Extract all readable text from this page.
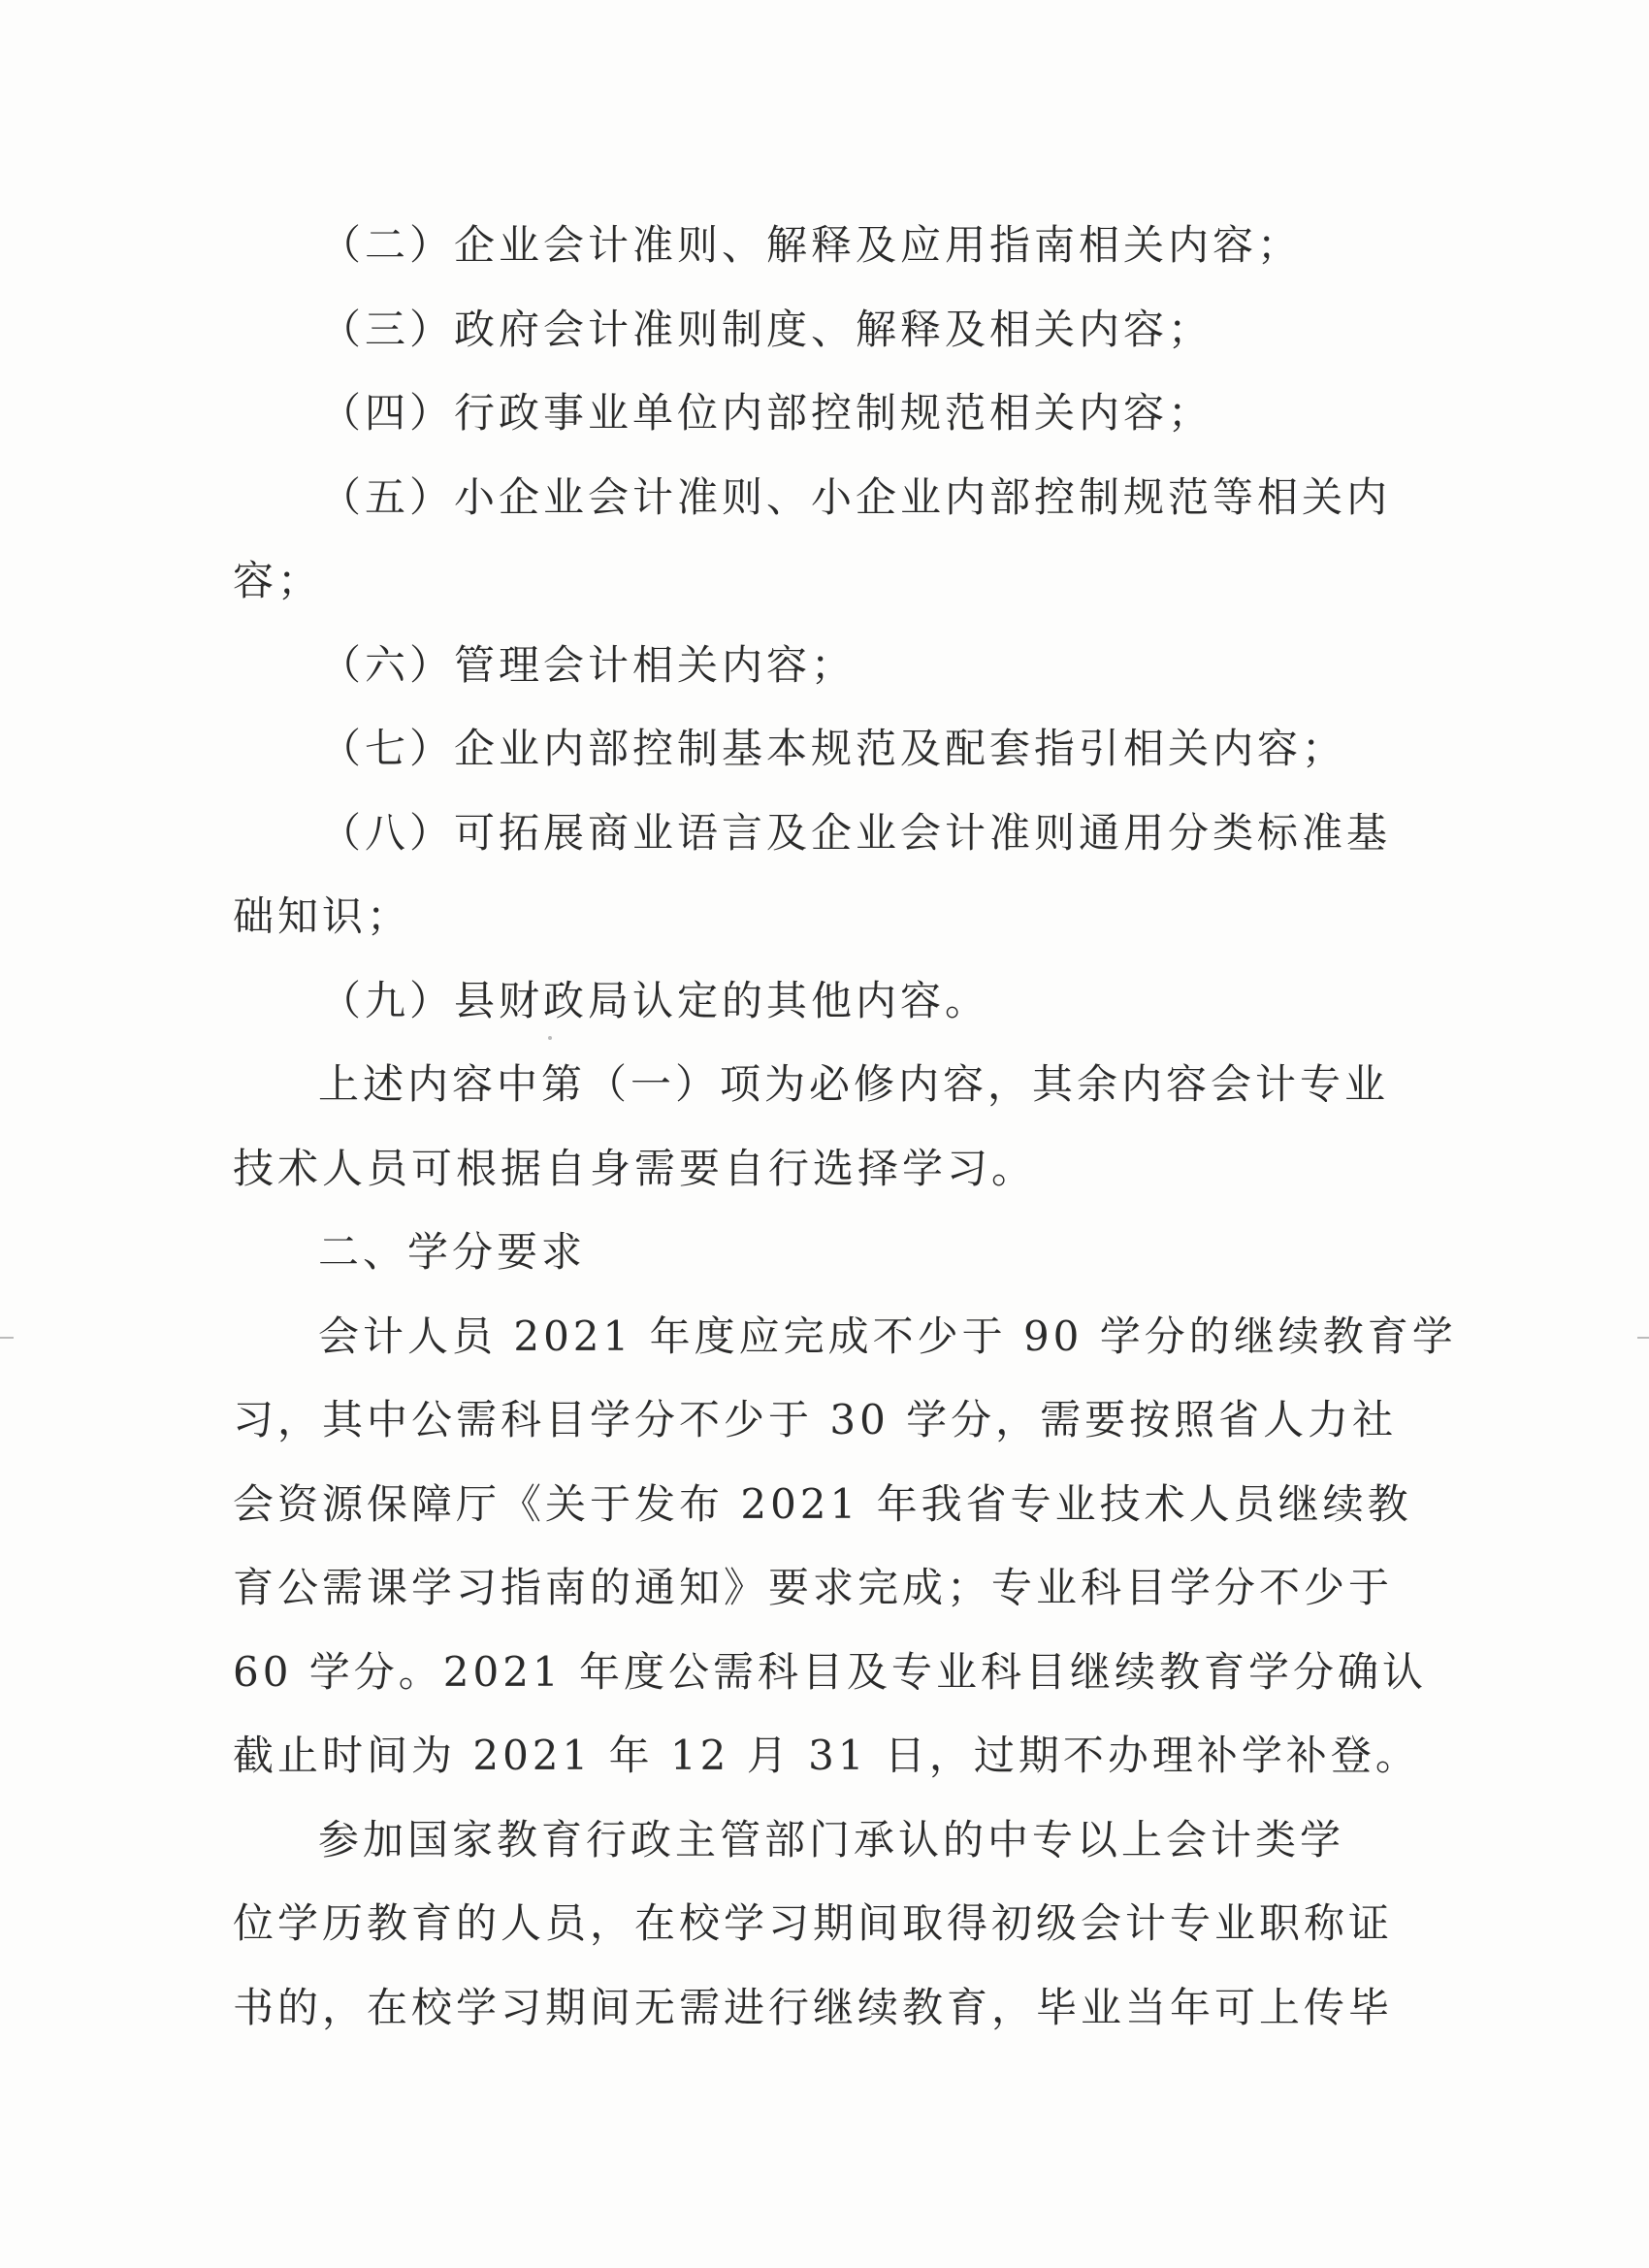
（二）企业会计准则、解释及应用指南相关内容；
（三）政府会计准则制度、解释及相关内容；
（四）行政事业单位内部控制规范相关内容；
（五）小企业会计准则、小企业内部控制规范等相关内
容；
（六）管理会计相关内容；
（七）企业内部控制基本规范及配套指引相关内容；
（八）可拓展商业语言及企业会计准则通用分类标准基
础知识；
（九）县财政局认定的其他内容。
上述内容中第（一）项为必修内容，其余内容会计专业
技术人员可根据自身需要自行选择学习。
二、学分要求
会计人员 2021 年度应完成不少于 90 学分的继续教育学
习，其中公需科目学分不少于 30 学分，需要按照省人力社
会资源保障厅《关于发布 2021 年我省专业技术人员继续教
育公需课学习指南的通知》要求完成；专业科目学分不少于
60 学分。2021 年度公需科目及专业科目继续教育学分确认
截止时间为 2021 年 12 月 31 日，过期不办理补学补登。
参加国家教育行政主管部门承认的中专以上会计类学
位学历教育的人员，在校学习期间取得初级会计专业职称证
书的，在校学习期间无需进行继续教育，毕业当年可上传毕
